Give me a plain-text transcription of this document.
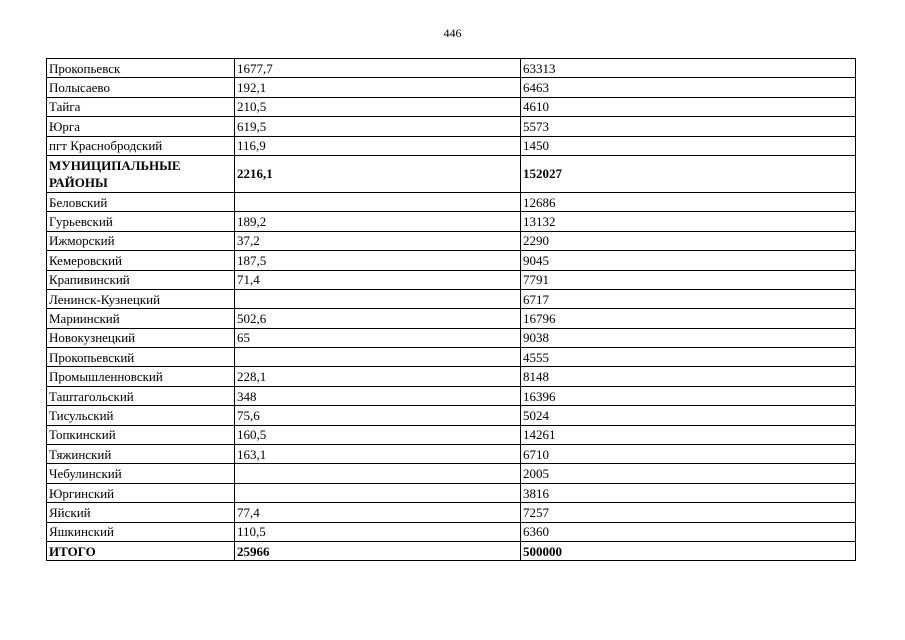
446
Прокопьевск	1677,7	63313
Полысаево	192,1	6463
Тайга	210,5	4610
Юрга	619,5	5573
пгт Краснобродский	116,9	1450
МУНИЦИПАЛЬНЫЕ РАЙОНЫ	2216,1	152027
Беловский		12686
Гурьевский	189,2	13132
Ижморский	37,2	2290
Кемеровский	187,5	9045
Крапивинский	71,4	7791
Ленинск-Кузнецкий		6717
Мариинский	502,6	16796
Новокузнецкий	65	9038
Прокопьевский		4555
Промышленновский	228,1	8148
Таштагольский	348	16396
Тисульский	75,6	5024
Топкинский	160,5	14261
Тяжинский	163,1	6710
Чебулинский		2005
Юргинский		3816
Яйский	77,4	7257
Яшкинский	110,5	6360
ИТОГО	25966	500000
